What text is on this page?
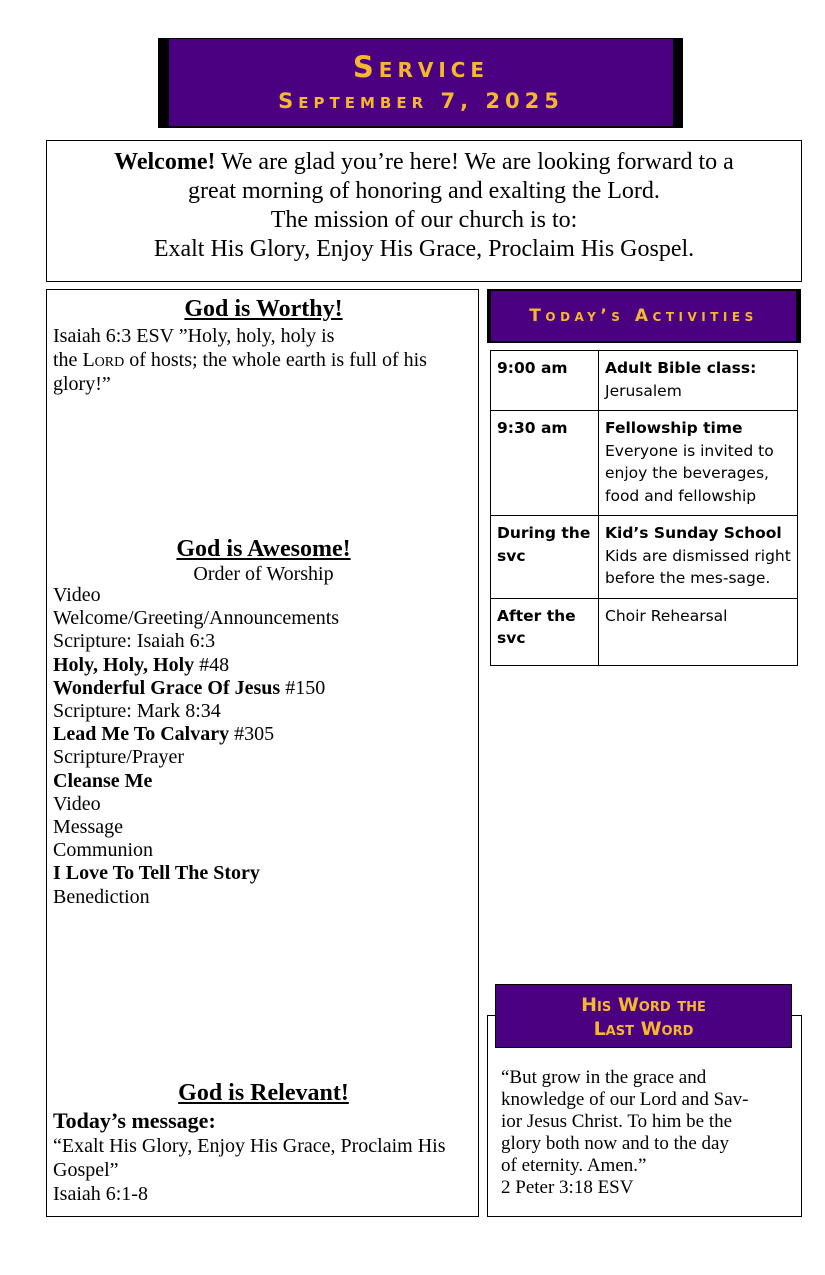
Service
September 7, 2025

Welcome! We are glad you’re here! We are looking forward to a

great morning of honoring and exalting the Lord.

The mission of our church is to:

Exalt His Glory, Enjoy His Grace, Proclaim His Gospel.

God is Worthy!
Isaiah 6:3 ESV ”Holy, holy, holy is
the Lord of hosts; the whole earth is full of his glory!”
God is Awesome!
Order of Worship
Video
Welcome/Greeting/Announcements
Scripture: Isaiah 6:3
Holy, Holy, Holy #48
Wonderful Grace Of Jesus #150
Scripture: Mark 8:34
Lead Me To Calvary #305
Scripture/Prayer
Cleanse Me
Video
Message
Communion
I Love To Tell The Story
Benediction
God is Relevant!
Today’s message:
“Exalt His Glory, Enjoy His Grace, Proclaim His Gospel”
Isaiah 6:1-8
Today’s Activities
9:00 am	Adult Bible class:
Jerusalem

9:30 am	Fellowship time
Everyone is invited to enjoy the beverages, food and fellowship

During the svc	Kid’s Sunday School
Kids are dismissed right before the mes-sage.

After the svc	Choir Rehearsal
His Word the
Last Word
“But grow in the grace and
knowledge of our Lord and Sav-
ior Jesus Christ. To him be the
glory both now and to the day
of eternity. Amen.”
2 Peter 3:18 ESV
